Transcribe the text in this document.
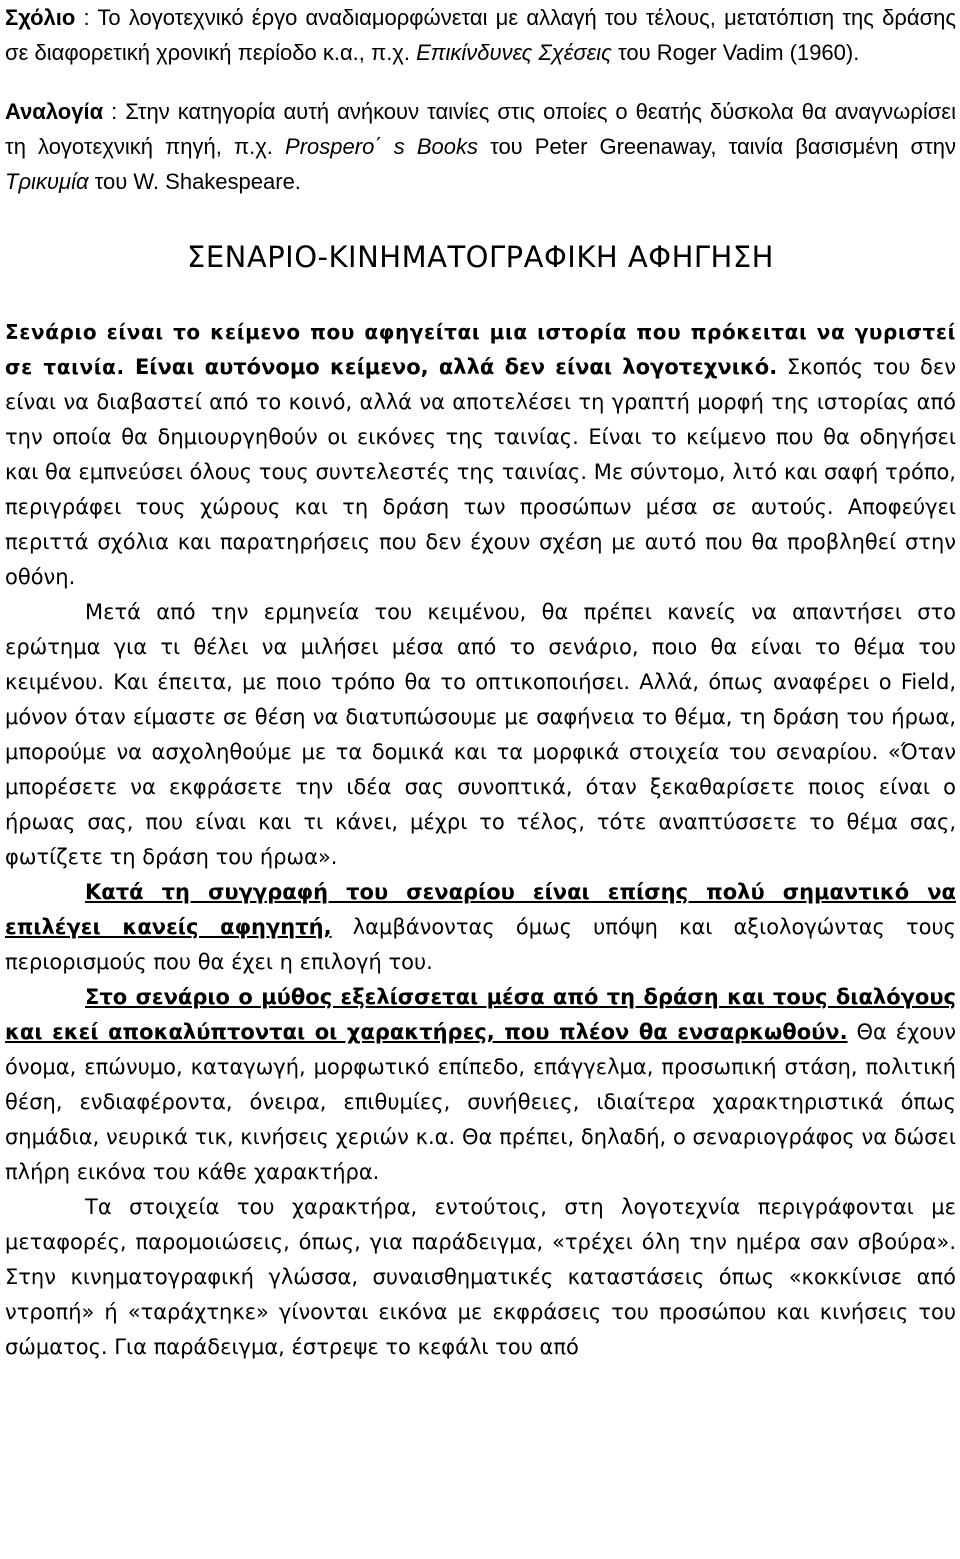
Σχόλιο : Το λογοτεχνικό έργο αναδιαμορφώνεται με αλλαγή του τέλους, μετατόπιση της δράσης σε διαφορετική χρονική περίοδο κ.α., π.χ. Επικίνδυνες Σχέσεις του Roger Vadim (1960).

Αναλογία : Στην κατηγορία αυτή ανήκουν ταινίες στις οποίες ο θεατής δύσκολα θα αναγνωρίσει τη λογοτεχνική πηγή, π.χ. Prospero΄ s Books του Peter Greenaway, ταινία βασισμένη στην Τρικυμία του W. Shakespeare.

ΣΕΝΑΡΙΟ-ΚΙΝΗΜΑΤΟΓΡΑΦΙΚΗ ΑΦΗΓΗΣΗ

Σενάριο είναι το κείμενο που αφηγείται μια ιστορία που πρόκειται να γυριστεί σε ταινία. Είναι αυτόνομο κείμενο, αλλά δεν είναι λογοτεχνικό. Σκοπός του δεν είναι να διαβαστεί από το κοινό, αλλά να αποτελέσει τη γραπτή μορφή της ιστορίας από την οποία θα δημιουργηθούν οι εικόνες της ταινίας. Είναι το κείμενο που θα οδηγήσει και θα εμπνεύσει όλους τους συντελεστές της ταινίας. Με σύντομο, λιτό και σαφή τρόπο, περιγράφει τους χώρους και τη δράση των προσώπων μέσα σε αυτούς. Αποφεύγει περιττά σχόλια και παρατηρήσεις που δεν έχουν σχέση με αυτό που θα προβληθεί στην οθόνη.

Μετά από την ερμηνεία του κειμένου, θα πρέπει κανείς να απαντήσει στο ερώτημα για τι θέλει να μιλήσει μέσα από το σενάριο, ποιο θα είναι το θέμα του κειμένου. Και έπειτα, με ποιο τρόπο θα το οπτικοποιήσει. Αλλά, όπως αναφέρει ο Field, μόνον όταν είμαστε σε θέση να διατυπώσουμε με σαφήνεια το θέμα, τη δράση του ήρωα, μπορούμε να ασχοληθούμε με τα δομικά και τα μορφικά στοιχεία του σεναρίου. «Όταν μπορέσετε να εκφράσετε την ιδέα σας συνοπτικά, όταν ξεκαθαρίσετε ποιος είναι ο ήρωας σας, που είναι και τι κάνει, μέχρι το τέλος, τότε αναπτύσσετε το θέμα σας, φωτίζετε τη δράση του ήρωα».

Κατά τη συγγραφή του σεναρίου είναι επίσης πολύ σημαντικό να επιλέγει κανείς αφηγητή, λαμβάνοντας όμως υπόψη και αξιολογώντας τους περιορισμούς που θα έχει η επιλογή του.

Στο σενάριο ο μύθος εξελίσσεται μέσα από τη δράση και τους διαλόγους και εκεί αποκαλύπτονται οι χαρακτήρες, που πλέον θα ενσαρκωθούν. Θα έχουν όνομα, επώνυμο, καταγωγή, μορφωτικό επίπεδο, επάγγελμα, προσωπική στάση, πολιτική θέση, ενδιαφέροντα, όνειρα, επιθυμίες, συνήθειες, ιδιαίτερα χαρακτηριστικά όπως σημάδια, νευρικά τικ, κινήσεις χεριών κ.α. Θα πρέπει, δηλαδή, ο σεναριογράφος να δώσει πλήρη εικόνα του κάθε χαρακτήρα.

Τα στοιχεία του χαρακτήρα, εντούτοις, στη λογοτεχνία περιγράφονται με μεταφορές, παρομοιώσεις, όπως, για παράδειγμα, «τρέχει όλη την ημέρα σαν σβούρα». Στην κινηματογραφική γλώσσα, συναισθηματικές καταστάσεις όπως «κοκκίνισε από ντροπή» ή «ταράχτηκε» γίνονται εικόνα με εκφράσεις του προσώπου και κινήσεις του σώματος. Για παράδειγμα, έστρεψε το κεφάλι του από
